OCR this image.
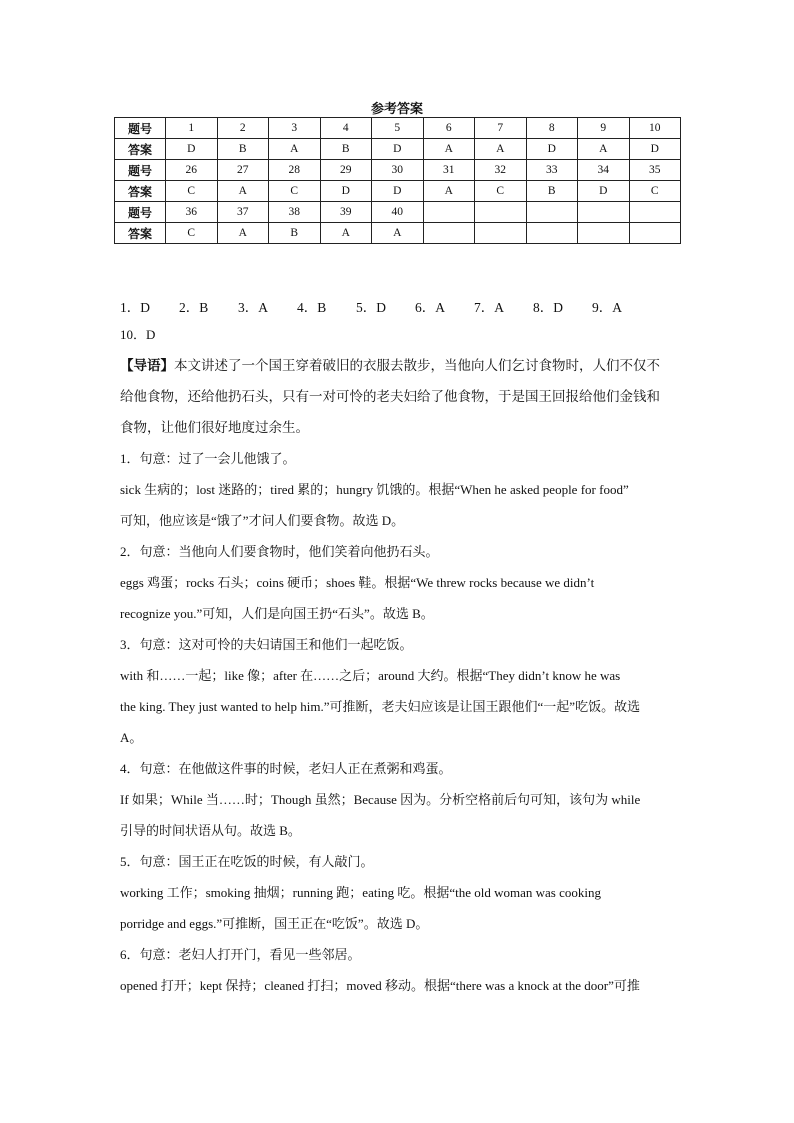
参考答案
题号	1	2	3	4	5	6	7	8	9	10
答案	D	B	A	B	D	A	A	D	A	D
题号	26	27	28	29	30	31	32	33	34	35
答案	C	A	C	D	D	A	C	B	D	C
题号	36	37	38	39	40					
答案	C	A	B	A	A					
1．D 2．B 3．A 4．B 5．D 6．A 7．A 8．D 9．A
10．D
【导语】本文讲述了一个国王穿着破旧的衣服去散步，当他向人们乞讨食物时，人们不仅不
给他食物，还给他扔石头，只有一对可怜的老夫妇给了他食物，于是国王回报给他们金钱和
食物，让他们很好地度过余生。
1．句意：过了一会儿他饿了。
sick 生病的；lost 迷路的；tired 累的；hungry 饥饿的。根据“When he asked people for food”
可知，他应该是“饿了”才问人们要食物。故选 D。
2．句意：当他向人们要食物时，他们笑着向他扔石头。
eggs 鸡蛋；rocks 石头；coins 硬币；shoes 鞋。根据“We threw rocks because we didn’t
recognize you.”可知，人们是向国王扔“石头”。故选 B。
3．句意：这对可怜的夫妇请国王和他们一起吃饭。
with 和……一起；like 像；after 在……之后；around 大约。根据“They didn’t know he was
the king. They just wanted to help him.”可推断，老夫妇应该是让国王跟他们“一起”吃饭。故选
A。
4．句意：在他做这件事的时候，老妇人正在煮粥和鸡蛋。
If 如果；While 当……时；Though 虽然；Because 因为。分析空格前后句可知，该句为 while
引导的时间状语从句。故选 B。
5．句意：国王正在吃饭的时候，有人敲门。
working 工作；smoking 抽烟；running 跑；eating 吃。根据“the old woman was cooking
porridge and eggs.”可推断，国王正在“吃饭”。故选 D。
6．句意：老妇人打开门，看见一些邻居。
opened 打开；kept 保持；cleaned 打扫；moved 移动。根据“there was a knock at the door”可推
